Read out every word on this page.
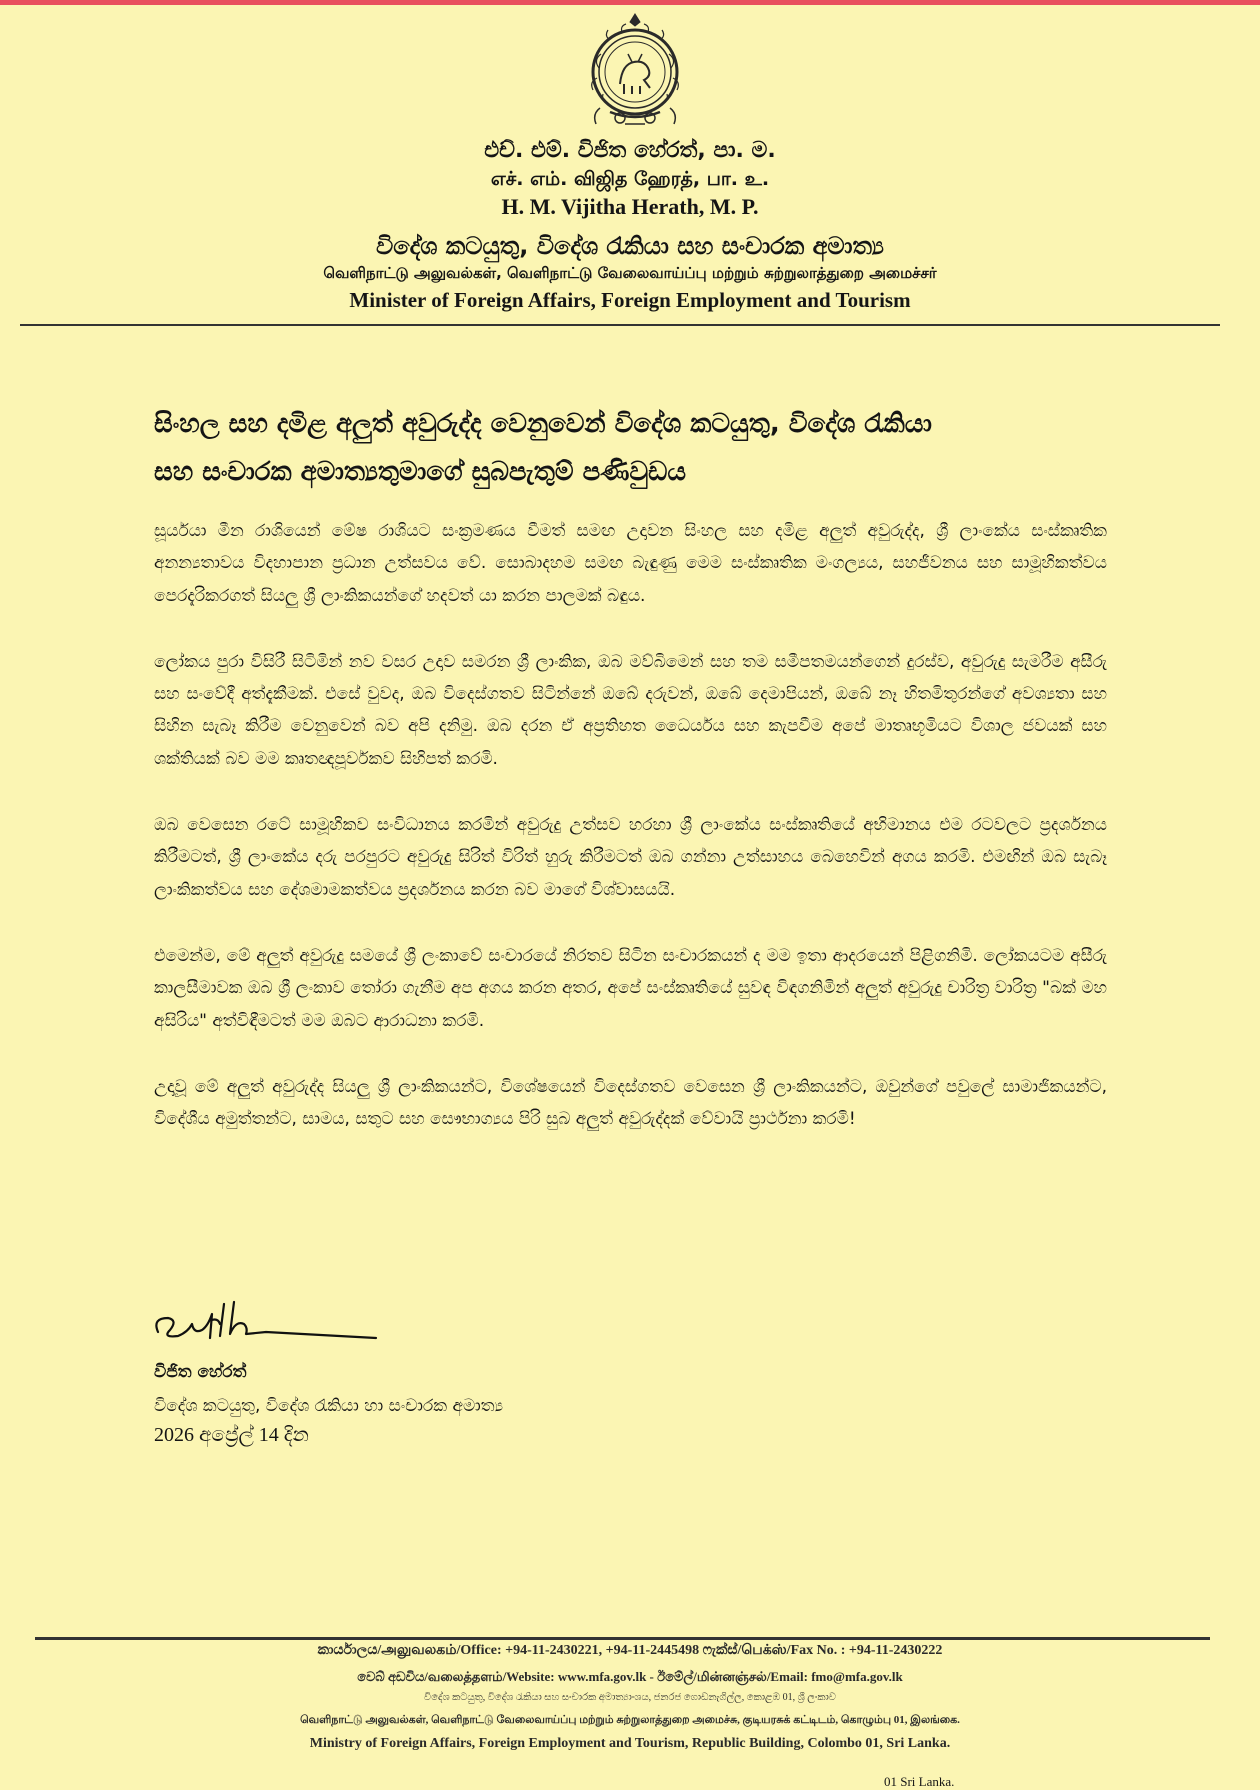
එච්. එම්. විජිත හේරත්, පා. ම.
எச். எம். விஜித ஹேரத், பா. உ.
H. M. Vijitha Herath, M. P.
විදේශ කටයුතු, විදේශ රැකියා සහ සංචාරක අමාත්‍ය
வெளிநாட்டு அலுவல்கள், வெளிநாட்டு வேலைவாய்ப்பு மற்றும் சுற்றுலாத்துறை அமைச்சர்
Minister of Foreign Affairs, Foreign Employment and Tourism
සිංහල සහ දමිළ අලුත් අවුරුද්ද වෙනුවෙන් විදේශ කටයුතු, විදේශ රැකියා
සහ සංචාරක අමාත්‍යතුමාගේ සුබපැතුම් පණිවුඩය

සූර්යයා මීන රාශියෙන් මේෂ රාශියට සංක්‍රමණය වීමත් සමඟ උදාවන සිංහල සහ දමිළ අලුත් අවුරුද්ද, ශ්‍රී ලාංකේය සංස්කෘතික අනන්‍යතාවය විදහාපාන ප්‍රධාන උත්සවය වේ. සොබාදහම සමඟ බැඳුණු මෙම සංස්කෘතික මංගල්‍යය, සහජීවනය සහ සාමූහිකත්වය පෙරදැරිකරගත් සියලු ශ්‍රී ලාංකිකයන්ගේ හදවත් යා කරන පාලමක් බඳුය.

ලෝකය පුරා විසිරී සිටිමින් නව වසර උදාව සමරන ශ්‍රී ලාංකික, ඔබ මව්බිමෙන් සහ තම සමීපතමයන්ගෙන් දුරස්ව, අවුරුදු සැමරීම අසීරු සහ සංවේදී අත්දැකීමක්. එසේ වුවද, ඔබ විදෙස්ගතව සිටින්නේ ඔබේ දරුවන්, ඔබේ දෙමාපියන්, ඔබේ නෑ හිතමිතුරන්ගේ අවශ්‍යතා සහ සිහින සැබෑ කිරීම වෙනුවෙන් බව අපි දනිමු. ඔබ දරන ඒ අප්‍රතිහත ධෛර්යය සහ කැපවීම අපේ මාතෘභූමියට විශාල ජවයක් සහ ශක්තියක් බව මම කෘතඥපූර්වකව සිහිපත් කරමි.

ඔබ වෙසෙන රටේ සාමූහිකව සංවිධානය කරමින් අවුරුදු උත්සව හරහා ශ්‍රී ලාංකේය සංස්කෘතියේ අභිමානය එම රටවලට ප්‍රදර්ශනය කිරීමටත්, ශ්‍රී ලාංකේය දරු පරපුරට අවුරුදු සිරිත් විරිත් හුරු කිරීමටත් ඔබ ගන්නා උත්සාහය බෙහෙවින් අගය කරමි. එමඟින් ඔබ සැබෑ ලාංකිකත්වය සහ දේශමාමකත්වය ප්‍රදර්ශනය කරන බව මාගේ විශ්වාසයයි.

එමෙන්ම, මේ අලුත් අවුරුදු සමයේ ශ්‍රී ලංකාවේ සංචාරයේ නිරතව සිටින සංචාරකයන් ද මම ඉතා ආදරයෙන් පිළිගනිමි. ලෝකයටම අසීරු කාලසීමාවක ඔබ ශ්‍රී ලංකාව තෝරා ගැනීම අප අගය කරන අතර, අපේ සංස්කෘතියේ සුවඳ විඳගනිමින් අලුත් අවුරුදු චාරිත්‍ර වාරිත්‍ර "බක් මහ අසිරිය" අත්විඳීමටත් මම ඔබට ආරාධනා කරමි.

උදාවූ මේ අලුත් අවුරුද්ද සියලු ශ්‍රී ලාංකිකයන්ට, විශේෂයෙන් විදෙස්ගතව වෙසෙන ශ්‍රී ලාංකිකයන්ට, ඔවුන්ගේ පවුලේ සාමාජිකයන්ට, විදේශීය අමුත්තන්ට, සාමය, සතුට සහ සෞභාග්‍යය පිරි සුබ අලුත් අවුරුද්දක් වේවායි ප්‍රාර්ථනා කරමි!

විජිත හේරත්
විදේශ කටයුතු, විදේශ රැකියා හා සංචාරක අමාත්‍ය
2026 අප්‍රේල් 14 දින
කාර්යාලය/அலுவலகம்/Office: +94-11-2430221, +94-11-2445498 ෆැක්ස්/பெக்ஸ்/Fax No. : +94-11-2430222
වෙබ් අඩවිය/வலைத்தளம்/Website: www.mfa.gov.lk - ඊමේල්/மின்னஞ்சல்/Email: fmo@mfa.gov.lk
විදේශ කටයුතු, විදේශ රැකියා සහ සංචාරක අමාත්‍යාංශය, ජනරජ ගොඩනැගිල්ල, කොළඹ 01, ශ්‍රී ලංකාව
வெளிநாட்டு அலுவல்கள், வெளிநாட்டு வேலைவாய்ப்பு மற்றும் சுற்றுலாத்துறை அமைச்சு, குடியரசுக் கட்டிடம், கொழும்பு 01, இலங்கை.
Ministry of Foreign Affairs, Foreign Employment and Tourism, Republic Building, Colombo 01, Sri Lanka.
01 Sri Lanka.
